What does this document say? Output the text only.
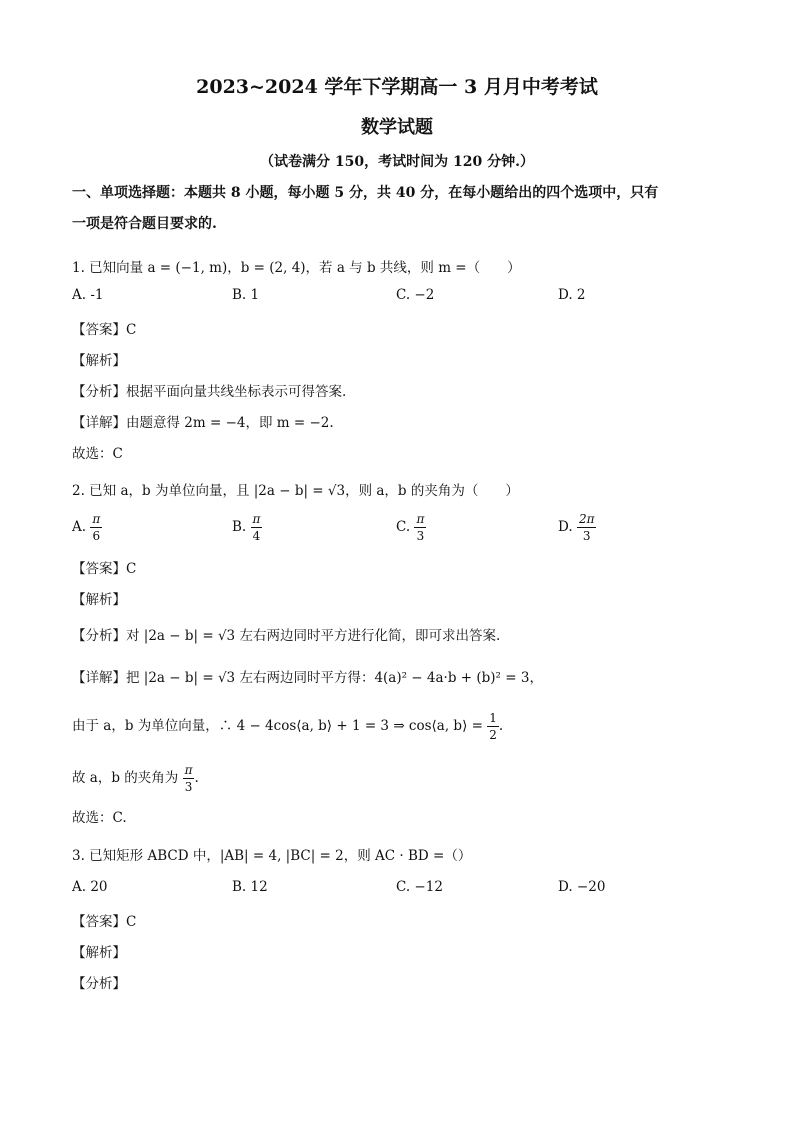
2023~2024 学年下学期高一 3 月月中考考试
数学试题
（试卷满分 150，考试时间为 120 分钟.）
一、单项选择题：本题共 8 小题，每小题 5 分，共 40 分，在每小题给出的四个选项中，只有
一项是符合题目要求的.
1. 已知向量 a = (−1, m)，b = (2, 4)，若 a 与 b 共线，则 m =（　　）
A. -1	B. 1	C. −2	D. 2
【答案】C
【解析】
【分析】根据平面向量共线坐标表示可得答案.
【详解】由题意得 2m = −4，即 m = −2.
故选：C
2. 已知 a，b 为单位向量，且 |2a − b| = √3，则 a，b 的夹角为（　　）
A. $\frac{\pi}{6}$	B. $\frac{\pi}{4}$	C. $\frac{\pi}{3}$	D. $\frac{2\pi}{3}$
【答案】C
【解析】
【分析】对 |2a − b| = √3 左右两边同时平方进行化简，即可求出答案.
【详解】把 |2a − b| = √3 左右两边同时平方得：4(a)² − 4a·b + (b)² = 3，
由于 a，b 为单位向量，∴ 4 − 4cos⟨a, b⟩ + 1 = 3 ⇒ cos⟨a, b⟩ = $\frac{1}{2}$ .
故 a，b 的夹角为 $\frac{\pi}{3}$ .
故选：C.
3. 已知矩形 ABCD 中，|AB| = 4, |BC| = 2，则 AC · BD =（）
A. 20	B. 12	C. −12	D. −20
【答案】C
【解析】
【分析】
